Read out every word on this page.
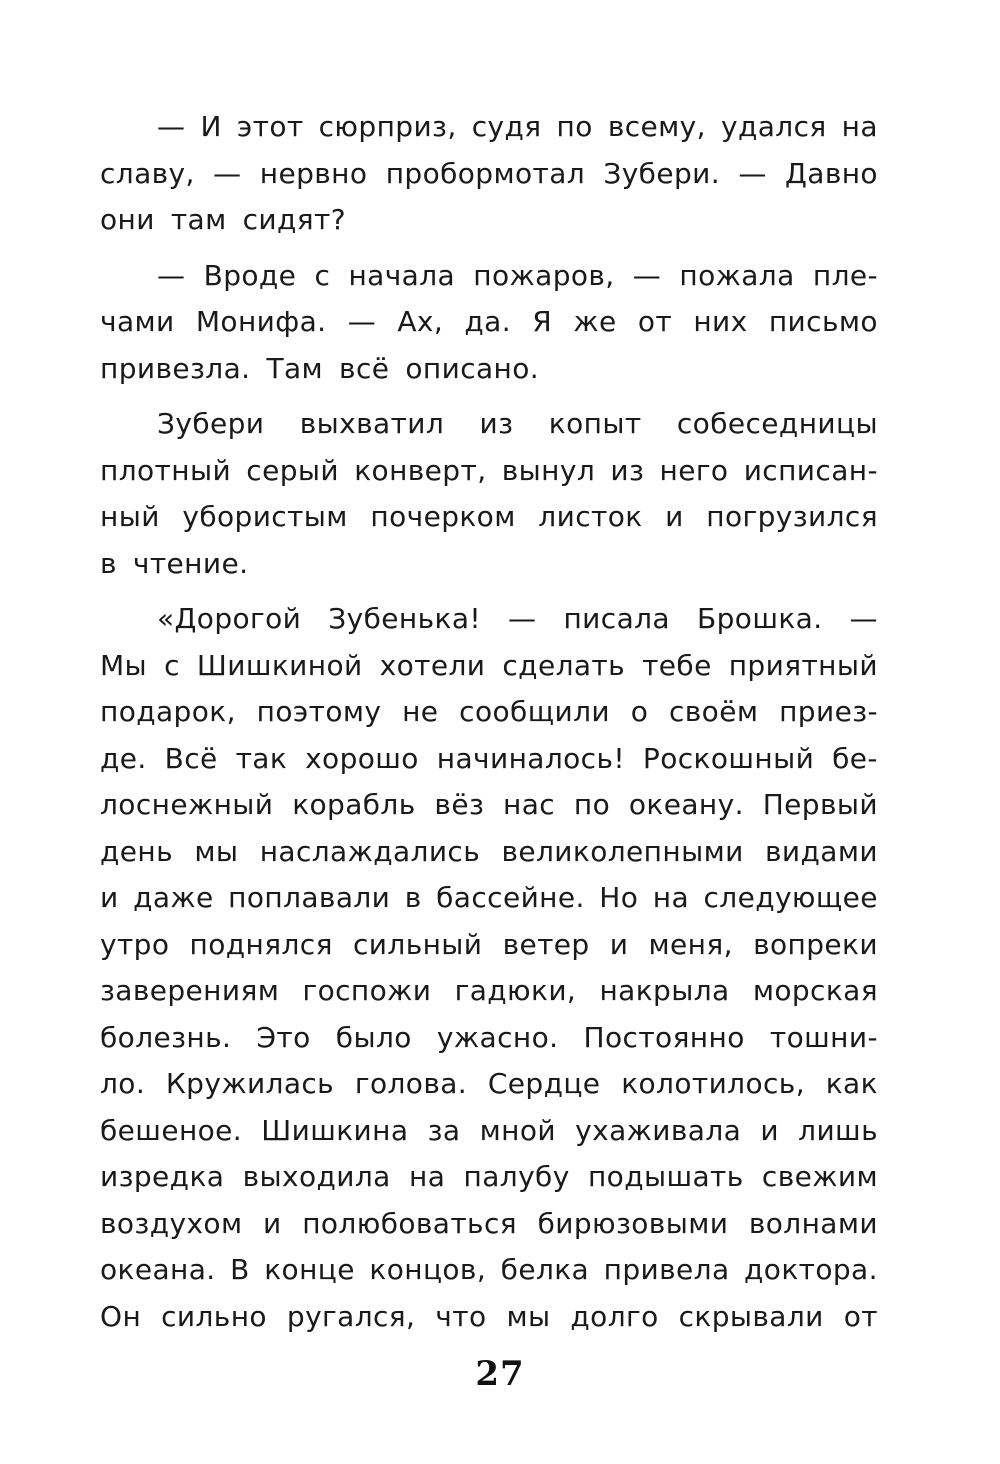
— И этот сюрприз, судя по всему, удался на
славу, — нервно пробормотал Зубери. — Давно
они там сидят?
— Вроде с начала пожаров, — пожала пле-
чами Монифа. — Ах, да. Я же от них письмо
привезла. Там всё описано.
Зубери выхватил из копыт собеседницы
плотный серый конверт, вынул из него исписан-
ный убористым почерком листок и погрузился
в чтение.
«Дорогой Зубенька! — писала Брошка. —
Мы с Шишкиной хотели сделать тебе приятный
подарок, поэтому не сообщили о своём приез-
де. Всё так хорошо начиналось! Роскошный бе-
лоснежный корабль вёз нас по океану. Первый
день мы наслаждались великолепными видами
и даже поплавали в бассейне. Но на следующее
утро поднялся сильный ветер и меня, вопреки
заверениям госпожи гадюки, накрыла морская
болезнь. Это было ужасно. Постоянно тошни-
ло. Кружилась голова. Сердце колотилось, как
бешеное. Шишкина за мной ухаживала и лишь
изредка выходила на палубу подышать свежим
воздухом и полюбоваться бирюзовыми волнами
океана. В конце концов, белка привела доктора.
Он сильно ругался, что мы долго скрывали от
27
